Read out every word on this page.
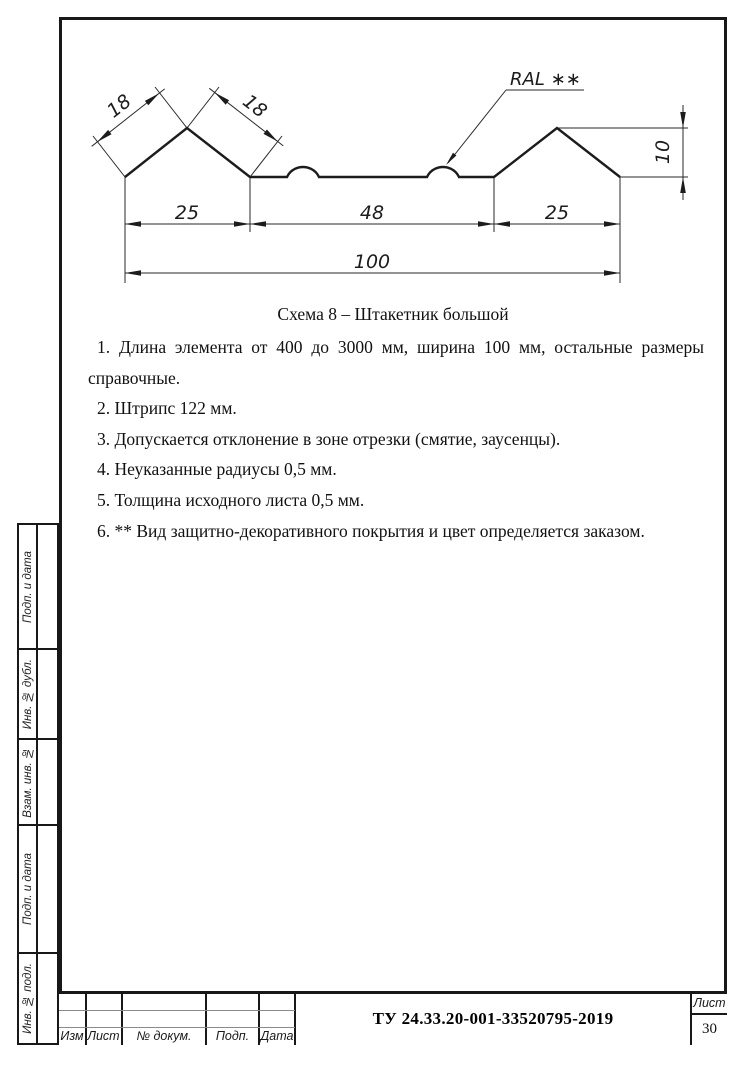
18	18
25	48	25
100
10
RAL ∗∗
Схема 8 – Штакетник большой

1. Длина элемента от 400 до 3000 мм, ширина 100 мм, остальные размеры справочные.

2. Штрипс 122 мм.

3. Допускается отклонение в зоне отрезки (смятие, заусенцы).

4. Неуказанные радиусы 0,5 мм.

5. Толщина исходного листа 0,5 мм.

6. ** Вид защитно-декоративного покрытия и цвет определяется заказом.

Подп. и дата
Инв. № дубл.
Взам. инв. №
Подп. и дата
Инв. № подл.
Изм Лист	№ докум.	Подп. Дата
ТУ 24.33.20-001-33520795-2019
Лист
30
